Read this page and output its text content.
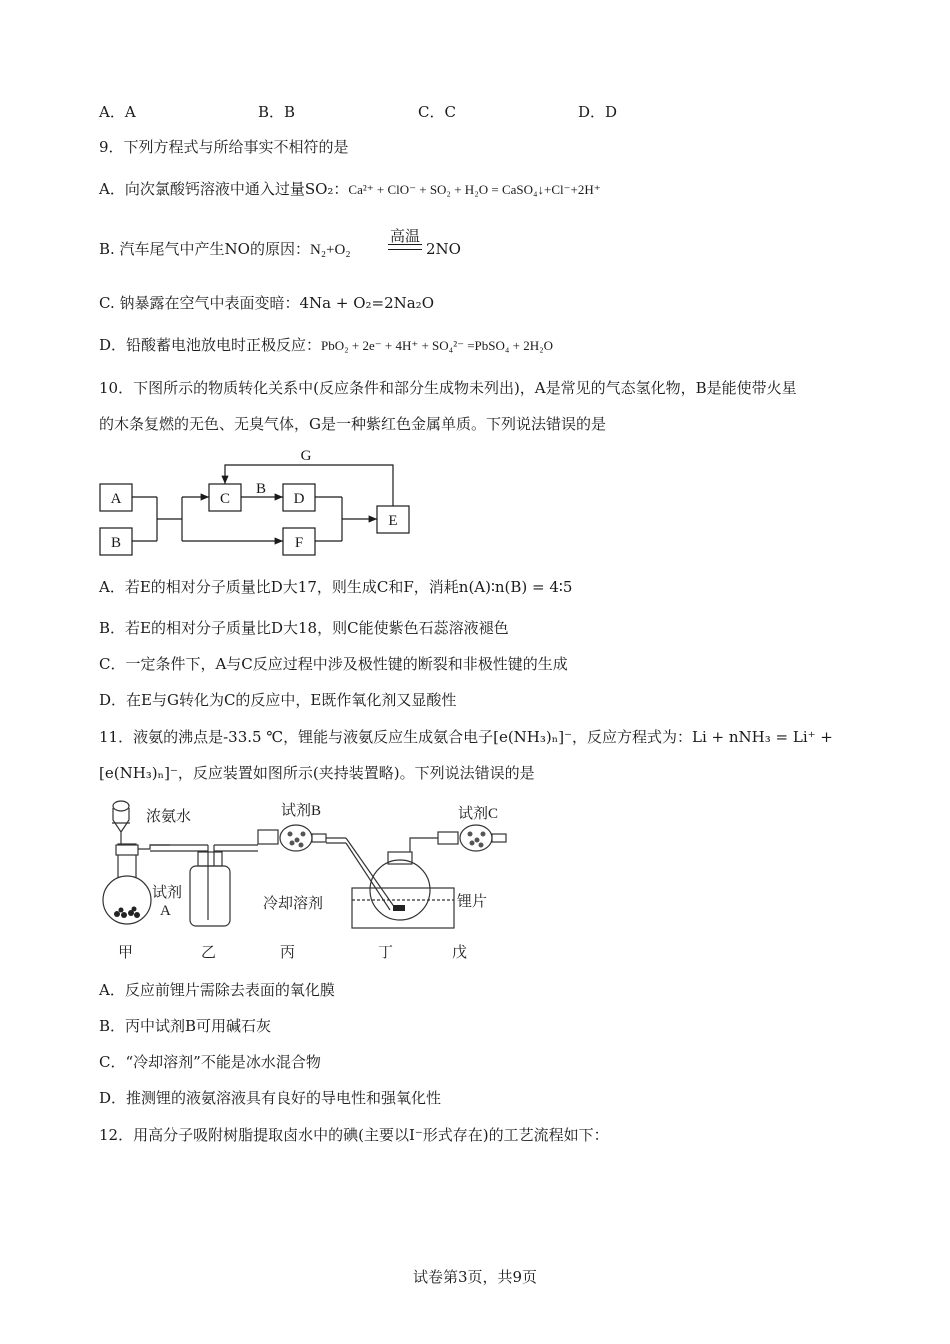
A．A	B．B	C．C	D．D
9．下列方程式与所给事实不相符的是
A．向次氯酸钙溶液中通入过量SO₂：Ca²⁺ + ClO⁻ + SO₂ + H₂O = CaSO₄↓+Cl⁻+2H⁺
B. 汽车尾气中产生NO的原因：N₂+O₂
高温
2NO
C. 钠暴露在空气中表面变暗：4Na + O₂=2Na₂O
D．铅酸蓄电池放电时正极反应：PbO₂ + 2e⁻ + 4H⁺ + SO₄²⁻ =PbSO₄ + 2H₂O
10．下图所示的物质转化关系中(反应条件和部分生成物未列出)，A是常见的气态氢化物，B是能使带火星
的木条复燃的无色、无臭气体，G是一种紫红色金属单质。下列说法错误的是
A
B
C	D
E
F
G
B
浓氨水
试剂
A
试剂B	试剂C
冷却溶剂	锂片
甲	乙	丙	丁	戊
A．若E的相对分子质量比D大17，则生成C和F，消耗n(A)∶n(B) = 4∶5
B．若E的相对分子质量比D大18，则C能使紫色石蕊溶液褪色
C．一定条件下，A与C反应过程中涉及极性键的断裂和非极性键的生成
D．在E与G转化为C的反应中，E既作氧化剂又显酸性
11．液氨的沸点是-33.5 ℃，锂能与液氨反应生成氨合电子[e(NH₃)ₙ]⁻，反应方程式为：Li + nNH₃ = Li⁺ +
[e(NH₃)ₙ]⁻，反应装置如图所示(夹持装置略)。下列说法错误的是
A．反应前锂片需除去表面的氧化膜
B．丙中试剂B可用碱石灰
C．“冷却溶剂”不能是冰水混合物
D．推测锂的液氨溶液具有良好的导电性和强氧化性
12．用高分子吸附树脂提取卤水中的碘(主要以I⁻形式存在)的工艺流程如下：
试卷第3页，共9页
